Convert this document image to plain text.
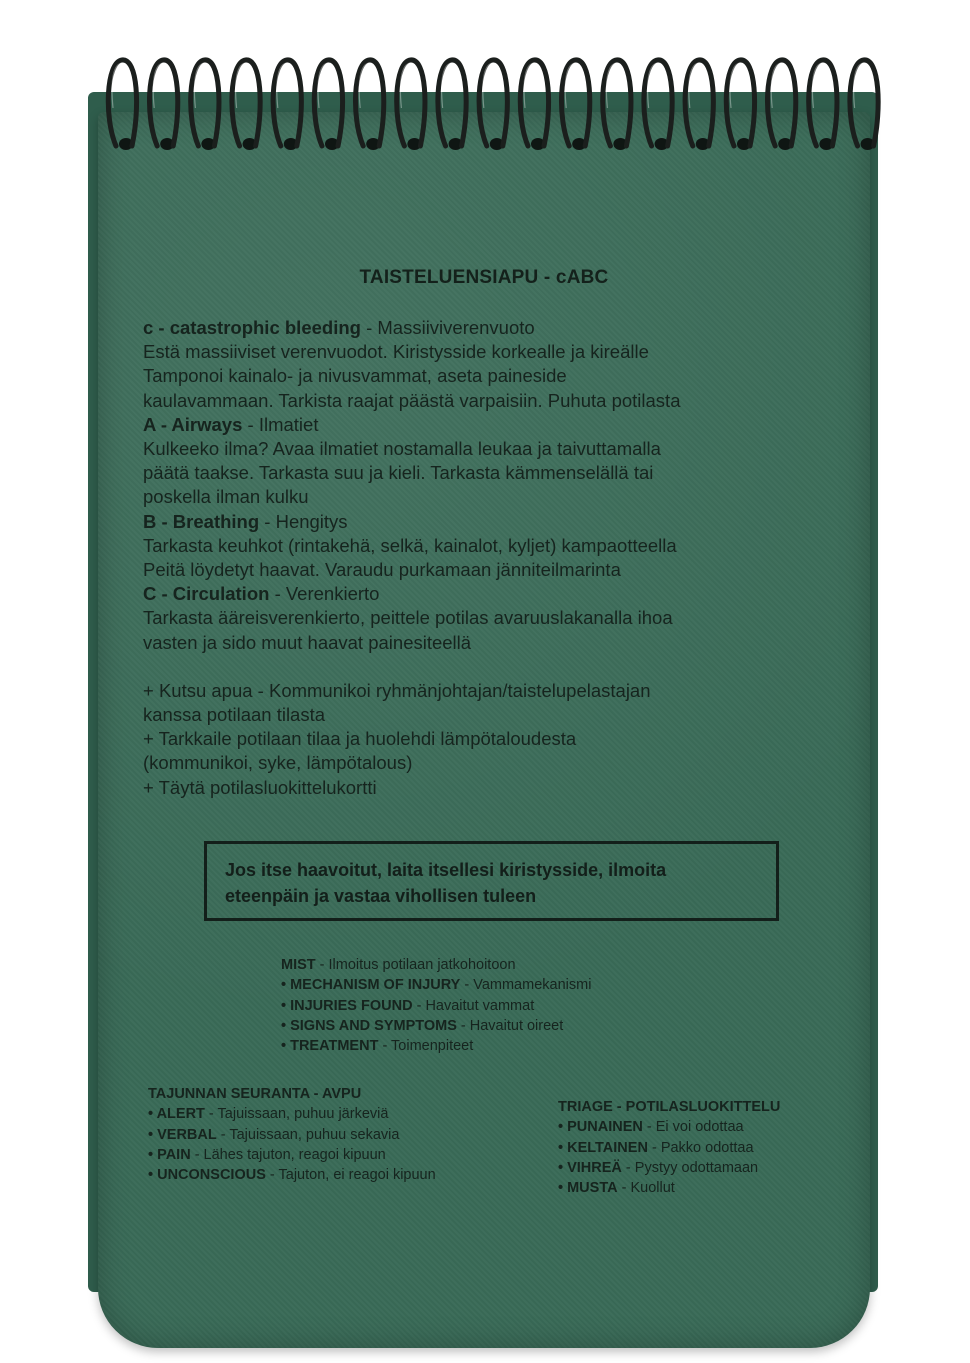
TAISTELUENSIAPU - cABC

c - catastrophic bleeding - Massiiviverenvuoto

Estä massiiviset verenvuodot. Kiristysside korkealle ja kireälle

Tamponoi kainalo- ja nivusvammat, aseta paineside

kaulavammaan. Tarkista raajat päästä varpaisiin. Puhuta potilasta

A - Airways - Ilmatiet

Kulkeeko ilma? Avaa ilmatiet nostamalla leukaa ja taivuttamalla

päätä taakse. Tarkasta suu ja kieli. Tarkasta kämmenselällä tai

poskella ilman kulku

B - Breathing - Hengitys

Tarkasta keuhkot (rintakehä, selkä, kainalot, kyljet) kampaotteella

Peitä löydetyt haavat. Varaudu purkamaan jänniteilmarinta

C - Circulation - Verenkierto

Tarkasta ääreisverenkierto, peittele potilas avaruuslakanalla ihoa

vasten ja sido muut haavat painesiteellä

+ Kutsu apua - Kommunikoi ryhmänjohtajan/taistelupelastajan

kanssa potilaan tilasta

+ Tarkkaile potilaan tilaa ja huolehdi lämpötaloudesta

(kommunikoi, syke, lämpötalous)

+ Täytä potilasluokittelukortti

Jos itse haavoitut, laita itsellesi kiristysside, ilmoita
eteenpäin ja vastaa vihollisen tuleen

MIST - Ilmoitus potilaan jatkohoitoon

• MECHANISM OF INJURY - Vammamekanismi

• INJURIES FOUND - Havaitut vammat

• SIGNS AND SYMPTOMS - Havaitut oireet

• TREATMENT - Toimenpiteet

TAJUNNAN SEURANTA - AVPU

• ALERT - Tajuissaan, puhuu järkeviä

• VERBAL - Tajuissaan, puhuu sekavia

• PAIN - Lähes tajuton, reagoi kipuun

• UNCONSCIOUS - Tajuton, ei reagoi kipuun

TRIAGE - POTILASLUOKITTELU

• PUNAINEN - Ei voi odottaa

• KELTAINEN - Pakko odottaa

• VIHREÄ - Pystyy odottamaan

• MUSTA - Kuollut
